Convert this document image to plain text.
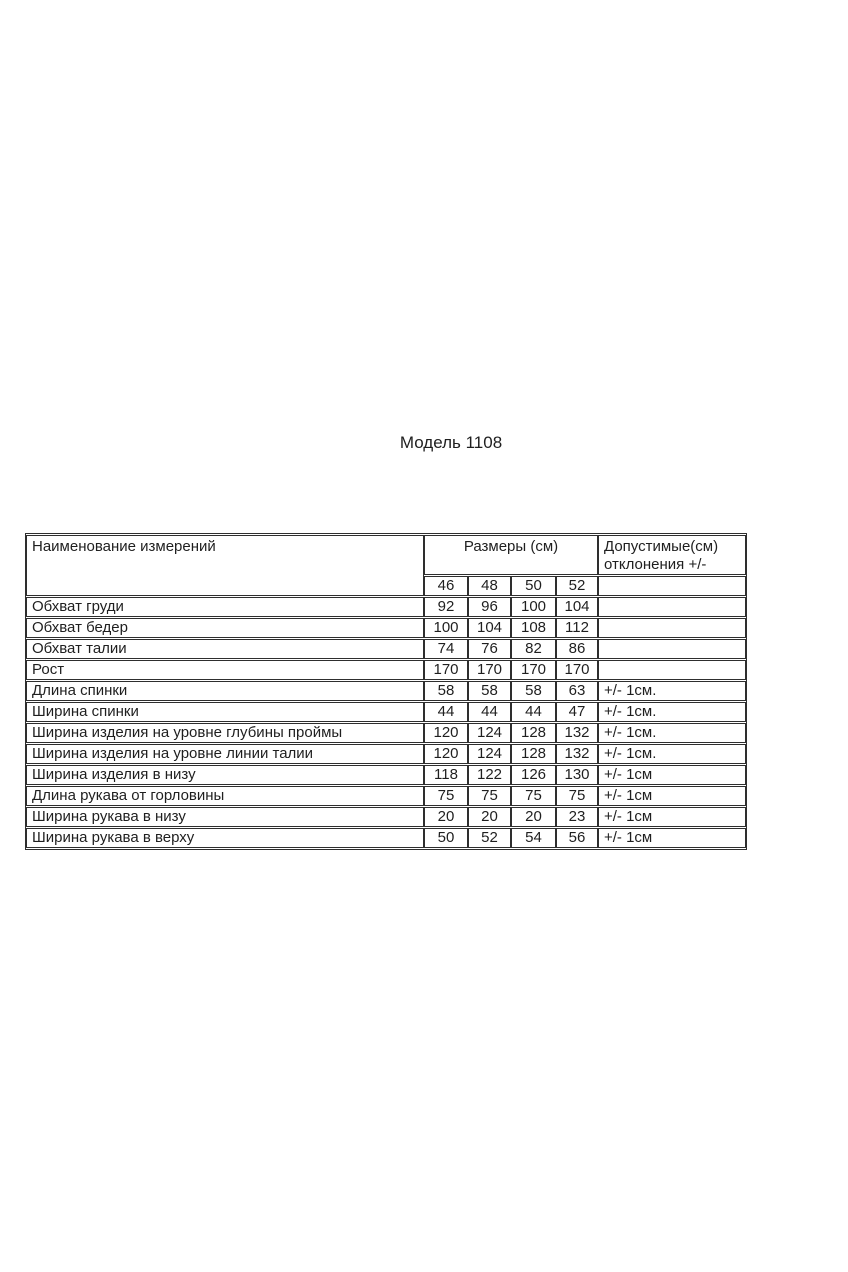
Модель 1108
Наименование измерений	Размеры (см)				Допустимые(см) отклонения +/-
	46	48	50	52	
Обхват груди	92	96	100	104	
Обхват бедер	100	104	108	112	
Обхват талии	74	76	82	86	
Рост	170	170	170	170	
Длина спинки	58	58	58	63	+/- 1см.
Ширина спинки	44	44	44	47	+/- 1см.
Ширина изделия на уровне глубины проймы	120	124	128	132	+/- 1см.
Ширина изделия на уровне линии талии	120	124	128	132	+/- 1см.
Ширина изделия в низу	118	122	126	130	+/- 1см
Длина рукава от горловины	75	75	75	75	+/- 1см
Ширина рукава в низу	20	20	20	23	+/- 1см
Ширина рукава в верху	50	52	54	56	+/- 1см
